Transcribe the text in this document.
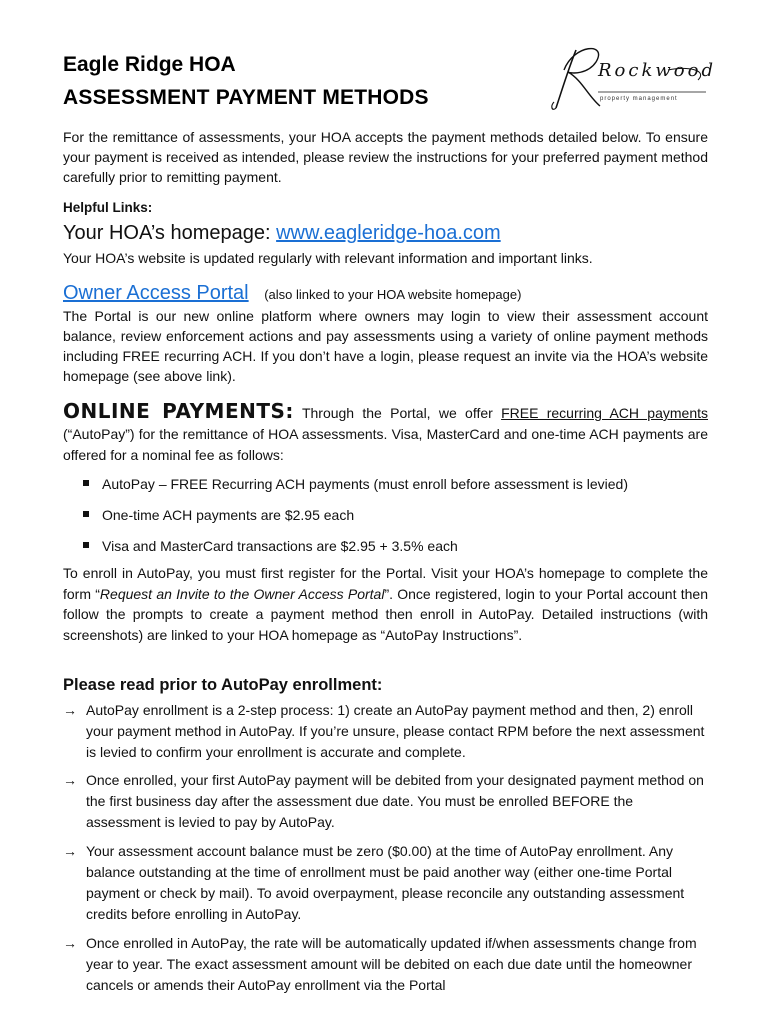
Eagle Ridge HOA
ASSESSMENT PAYMENT METHODS
Rockwood
property management
For the remittance of assessments, your HOA accepts the payment methods detailed below. To ensure your payment is received as intended, please review the instructions for your preferred payment method carefully prior to remitting payment.
Helpful Links:
Your HOA’s homepage: www.eagleridge-hoa.com
Your HOA’s website is updated regularly with relevant information and important links.
Owner Access Portal (also linked to your HOA website homepage)
The Portal is our new online platform where owners may login to view their assessment account balance, review enforcement actions and pay assessments using a variety of online payment methods including FREE recurring ACH. If you don’t have a login, please request an invite via the HOA’s website homepage (see above link).
ONLINE PAYMENTS: Through the Portal, we offer FREE recurring ACH payments (“AutoPay”) for the remittance of HOA assessments. Visa, MasterCard and one-time ACH payments are offered for a nominal fee as follows:
AutoPay – FREE Recurring ACH payments (must enroll before assessment is levied)
One-time ACH payments are $2.95 each
Visa and MasterCard transactions are $2.95 + 3.5% each
To enroll in AutoPay, you must first register for the Portal. Visit your HOA’s homepage to complete the form “Request an Invite to the Owner Access Portal”. Once registered, login to your Portal account then follow the prompts to create a payment method then enroll in AutoPay. Detailed instructions (with screenshots) are linked to your HOA homepage as “AutoPay Instructions”.
Please read prior to AutoPay enrollment:
→ AutoPay enrollment is a 2-step process: 1) create an AutoPay payment method and then, 2) enroll your payment method in AutoPay. If you’re unsure, please contact RPM before the next assessment is levied to confirm your enrollment is accurate and complete.
→ Once enrolled, your first AutoPay payment will be debited from your designated payment method on the first business day after the assessment due date. You must be enrolled BEFORE the assessment is levied to pay by AutoPay.
→ Your assessment account balance must be zero ($0.00) at the time of AutoPay enrollment. Any balance outstanding at the time of enrollment must be paid another way (either one-time Portal payment or check by mail). To avoid overpayment, please reconcile any outstanding assessment credits before enrolling in AutoPay.
→ Once enrolled in AutoPay, the rate will be automatically updated if/when assessments change from year to year. The exact assessment amount will be debited on each due date until the homeowner cancels or amends their AutoPay enrollment via the Portal
